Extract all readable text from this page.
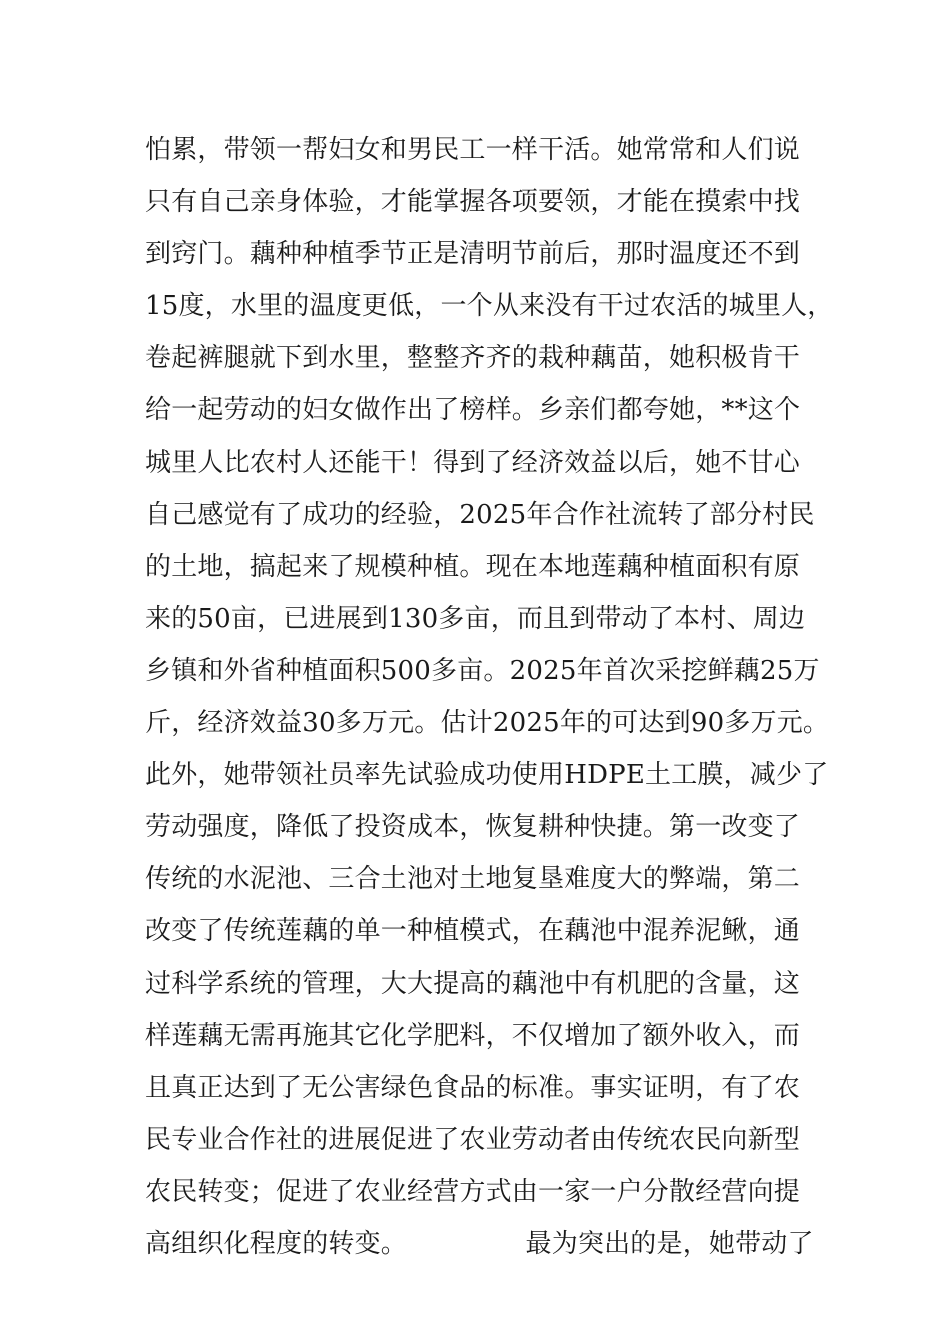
怕累，带领一帮妇女和男民工一样干活。她常常和人们说
只有自己亲身体验，才能掌握各项要领，才能在摸索中找
到窍门。藕种种植季节正是清明节前后，那时温度还不到
15度，水里的温度更低，一个从来没有干过农活的城里人，
卷起裤腿就下到水里，整整齐齐的栽种藕苗，她积极肯干
给一起劳动的妇女做作出了榜样。乡亲们都夸她，**这个
城里人比农村人还能干！得到了经济效益以后，她不甘心
自己感觉有了成功的经验，2025年合作社流转了部分村民
的土地，搞起来了规模种植。现在本地莲藕种植面积有原
来的50亩，已进展到130多亩，而且到带动了本村、周边
乡镇和外省种植面积500多亩。2025年首次采挖鲜藕25万
斤，经济效益30多万元。估计2025年的可达到90多万元。
此外，她带领社员率先试验成功使用HDPE土工膜，减少了
劳动强度，降低了投资成本，恢复耕种快捷。第一改变了
传统的水泥池、三合土池对土地复垦难度大的弊端，第二
改变了传统莲藕的单一种植模式，在藕池中混养泥鳅，通
过科学系统的管理，大大提高的藕池中有机肥的含量，这
样莲藕无需再施其它化学肥料，不仅增加了额外收入，而
且真正达到了无公害绿色食品的标准。事实证明，有了农
民专业合作社的进展促进了农业劳动者由传统农民向新型
农民转变；促进了农业经营方式由一家一户分散经营向提
高组织化程度的转变。              最为突出的是，她带动了
